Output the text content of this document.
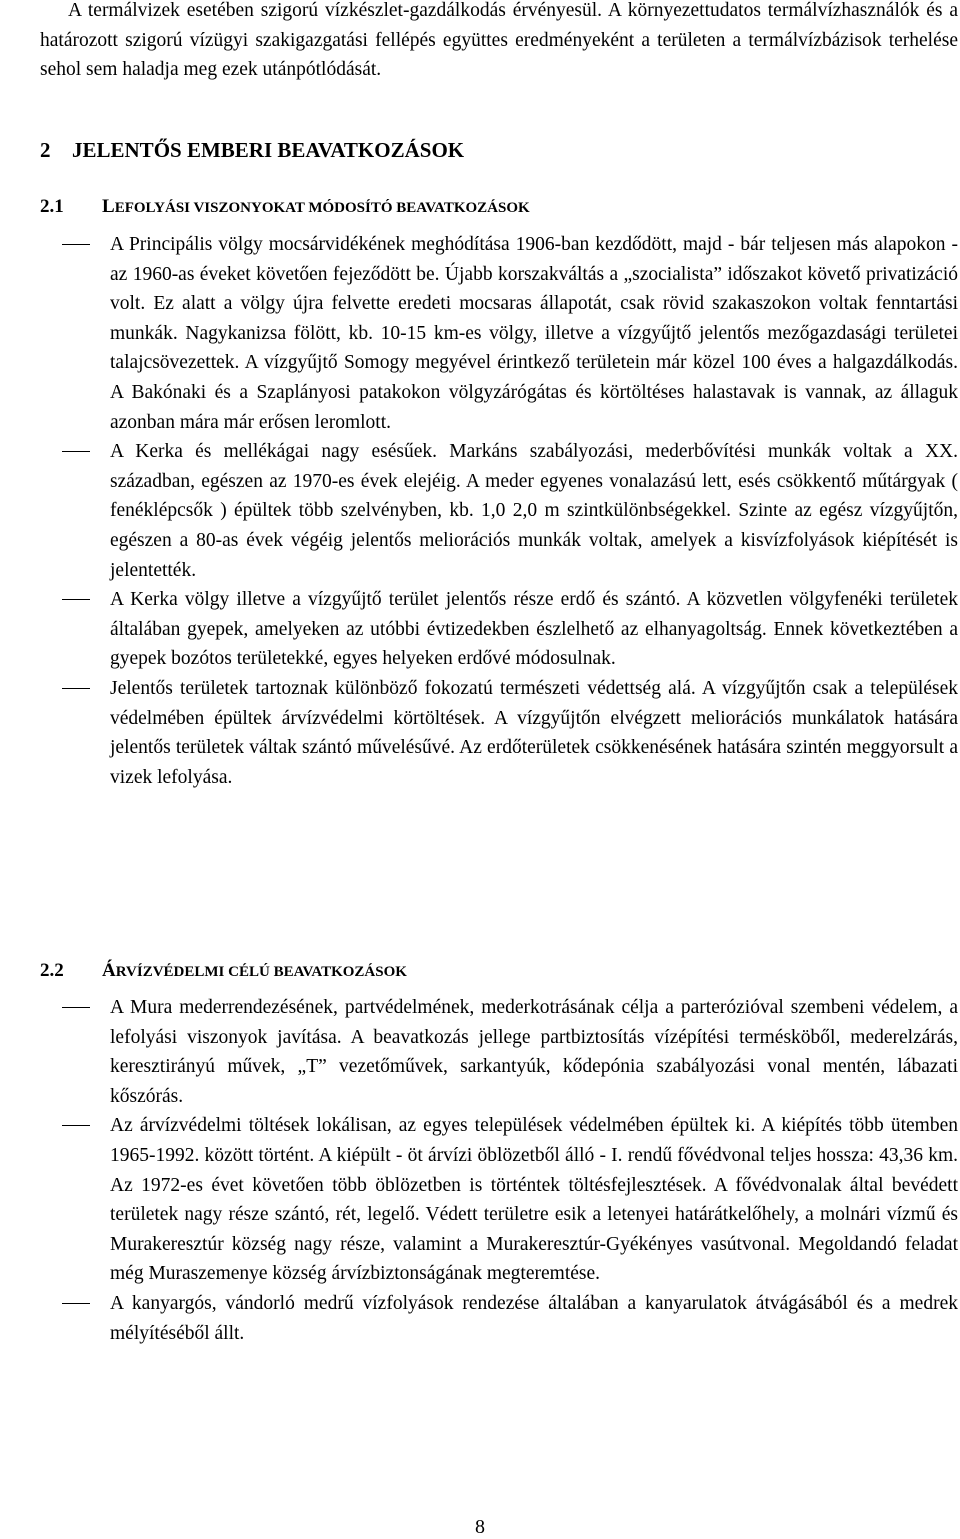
A termálvizek esetében szigorú vízkészlet-gazdálkodás érvényesül. A környezettudatos termálvízhasználók és a határozott szigorú vízügyi szakigazgatási fellépés együttes eredményeként a területen a termálvízbázisok terhelése sehol sem haladja meg ezek utánpótlódását.

2 JELENTŐS EMBERI BEAVATKOZÁSOK
2.1 LEFOLYÁSI VISZONYOKAT MÓDOSÍTÓ BEAVATKOZÁSOK

A Principális völgy mocsárvidékének meghódítása 1906-ban kezdődött, majd - bár teljesen más alapokon - az 1960-as éveket követően fejeződött be. Újabb korszakváltás a „szocialista” időszakot követő privatizáció volt. Ez alatt a völgy újra felvette eredeti mocsaras állapotát, csak rövid szakaszokon voltak fenntartási munkák. Nagykanizsa fölött, kb. 10-15 km-es völgy, illetve a vízgyűjtő jelentős mezőgazdasági területei talajcsövezettek. A vízgyűjtő Somogy megyével érintkező területein már közel 100 éves a halgazdálkodás. A Bakónaki és a Szaplányosi patakokon völgyzárógátas és körtöltéses halastavak is vannak, az állaguk azonban mára már erősen leromlott.

A Kerka és mellékágai nagy esésűek. Markáns szabályozási, mederbővítési munkák voltak a XX. században, egészen az 1970-es évek elejéig. A meder egyenes vonalazású lett, esés csökkentő műtárgyak ( fenéklépcsők ) épültek több szelvényben, kb. 1,0 2,0 m szintkülönbségekkel. Szinte az egész vízgyűjtőn, egészen a 80-as évek végéig jelentős meliorációs munkák voltak, amelyek a kisvízfolyások kiépítését is jelentették.

A Kerka völgy illetve a vízgyűjtő terület jelentős része erdő és szántó. A közvetlen völgyfenéki területek általában gyepek, amelyeken az utóbbi évtizedekben észlelhető az elhanyagoltság. Ennek következtében a gyepek bozótos területekké, egyes helyeken erdővé módosulnak.

Jelentős területek tartoznak különböző fokozatú természeti védettség alá. A vízgyűjtőn csak a települések védelmében épültek árvízvédelmi körtöltések. A vízgyűjtőn elvégzett meliorációs munkálatok hatására jelentős területek váltak szántó művelésűvé. Az erdőterületek csökkenésének hatására szintén meggyorsult a vizek lefolyása.

2.2 ÁRVÍZVÉDELMI CÉLÚ BEAVATKOZÁSOK

A Mura mederrendezésének, partvédelmének, mederkotrásának célja a parterózióval szembeni védelem, a lefolyási viszonyok javítása. A beavatkozás jellege partbiztosítás vízépítési termésköből, mederelzárás, keresztirányú művek, „T” vezetőművek, sarkantyúk, kődepónia szabályozási vonal mentén, lábazati kőszórás.

Az árvízvédelmi töltések lokálisan, az egyes települések védelmében épültek ki. A kiépítés több ütemben 1965-1992. között történt. A kiépült - öt árvízi öblözetből álló - I. rendű fővédvonal teljes hossza: 43,36 km. Az 1972-es évet követően több öblözetben is történtek töltésfejlesztések. A fővédvonalak által bevédett területek nagy része szántó, rét, legelő. Védett területre esik a letenyei határátkelőhely, a molnári vízmű és Murakeresztúr község nagy része, valamint a Murakeresztúr-Gyékényes vasútvonal. Megoldandó feladat még Muraszemenye község árvízbiztonságának megteremtése.

A kanyargós, vándorló medrű vízfolyások rendezése általában a kanyarulatok átvágásából és a medrek mélyítéséből állt.

8
